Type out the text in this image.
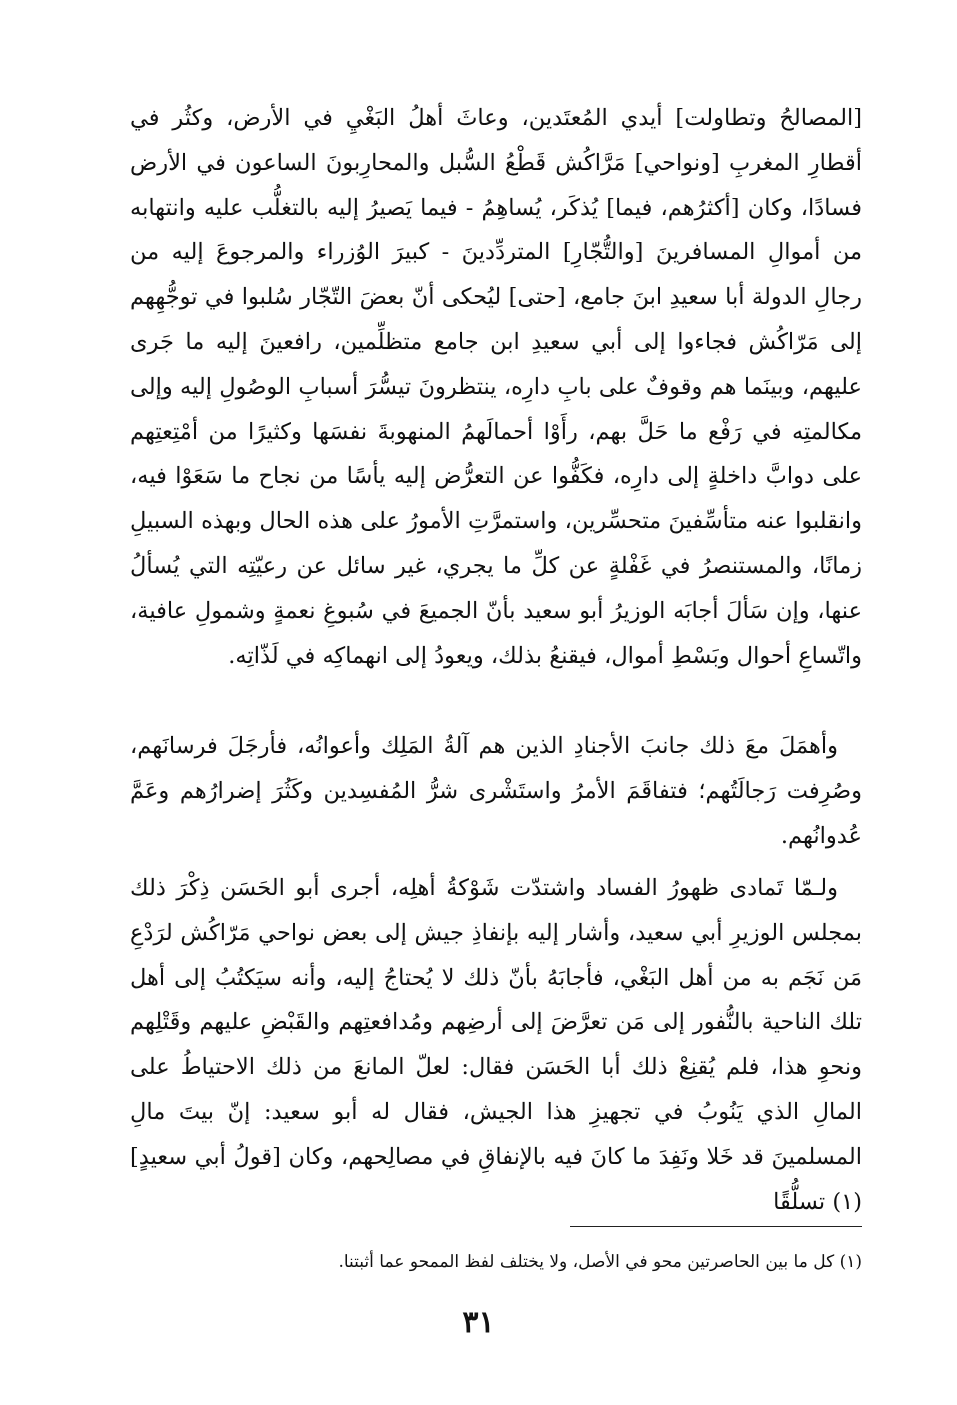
[المصالحُ وتطاولت] أيدي المُعتَدين، وعاثَ أهلُ البَغْيِ في الأرض، وكثُر في أقطارِ المغربِ [ونواحي] مَرَّاكُش قَطْعُ السُّبل والمحارِبونَ الساعون في الأرض فسادًا، وكان [أكثرُهم، فيما] يُذكَر، يُساهِمُ - فيما يَصيرُ إليه بالتغلُّب عليه وانتهابه من أموالِ المسافرينَ [والتُّجّارِ] المتردِّدينَ - كبيرَ الوُزراء والمرجوعَ إليه من رجالِ الدولة أبا سعيدِ ابنَ جامع، [حتى] ليُحكى أنّ بعضَ التّجّار سُلبوا في توجُّهِهم إلى مَرّاكُش فجاءوا إلى أبي سعيدِ ابن جامع متظلِّمين، رافعينَ إليه ما جَرى عليهم، وبينَما هم وقوفٌ على بابِ دارِه، ينتظرونَ تيسُّرَ أسبابِ الوصُولِ إليه وإلى مكالمتِه في رَفْع ما حَلَّ بهم، رأَوْا أحمالَهمُ المنهوبةَ نفسَها وكثيرًا من أمْتِعتِهم على دوابَّ داخلةٍ إلى دارِه، فكَفُّوا عن التعرُّض إليه يأسًا من نجاح ما سَعَوْا فيه، وانقلبوا عنه متأسِّفينَ متحسِّرين، واستمرَّتِ الأمورُ على هذه الحال وبهذه السبيلِ زمانًا، والمستنصرُ في غَفْلةٍ عن كلِّ ما يجري، غير سائل عن رعيّتِه التي يُسألُ عنها، وإن سَألَ أجابَه الوزيرُ أبو سعيد بأنّ الجميعَ في سُبوغِ نعمةٍ وشمولِ عافية، واتّساعِ أحوال وبَسْطِ أموال، فيقنعُ بذلك، ويعودُ إلى انهماكِه في لَذّاتِه.

وأهمَلَ معَ ذلك جانبَ الأجنادِ الذين هم آلةُ المَلِك وأعوانُه، فأرجَلَ فرسانَهم، وصُرِفت رَجالَتُهم؛ فتفاقَمَ الأمرُ واستَشْرى شرُّ المُفسِدين وكَثُرَ إضرارُهم وعَمَّ عُدوانُهم.

ولـمّا تَمادى ظهورُ الفساد واشتدّت شَوْكةُ أهلِه، أجرى أبو الحَسَن ذِكْرَ ذلك بمجلس الوزيرِ أبي سعيد، وأشار إليه بإنفاذِ جيش إلى بعض نواحي مَرّاكُش لرَدْعِ مَن نَجَم به من أهل البَغْي، فأجابَهُ بأنّ ذلك لا يُحتاجُ إليه، وأنه سيَكتُبُ إلى أهل تلك الناحية بالنُّفور إلى مَن تعرَّضَ إلى أرضِهم ومُدافعتِهم والقَبْضِ عليهم وقَتْلِهم ونحوِ هذا، فلم يُقنِعْ ذلك أبا الحَسَن فقال: لعلّ المانعَ من ذلك الاحتياطُ على المالِ الذي يَنُوبُ في تجهيزِ هذا الجيش، فقال له أبو سعيد: إنّ بيتَ مالِ المسلمينَ قد خَلا ونَفِدَ ما كانَ فيه بالإنفاقِ في مصالِحهم، وكان [قولُ أبي سعيدٍ](١) تسلُّقًا

(١) كل ما بين الحاصرتين محو في الأصل، ولا يختلف لفظ الممحو عما أثبتنا.

٣١
